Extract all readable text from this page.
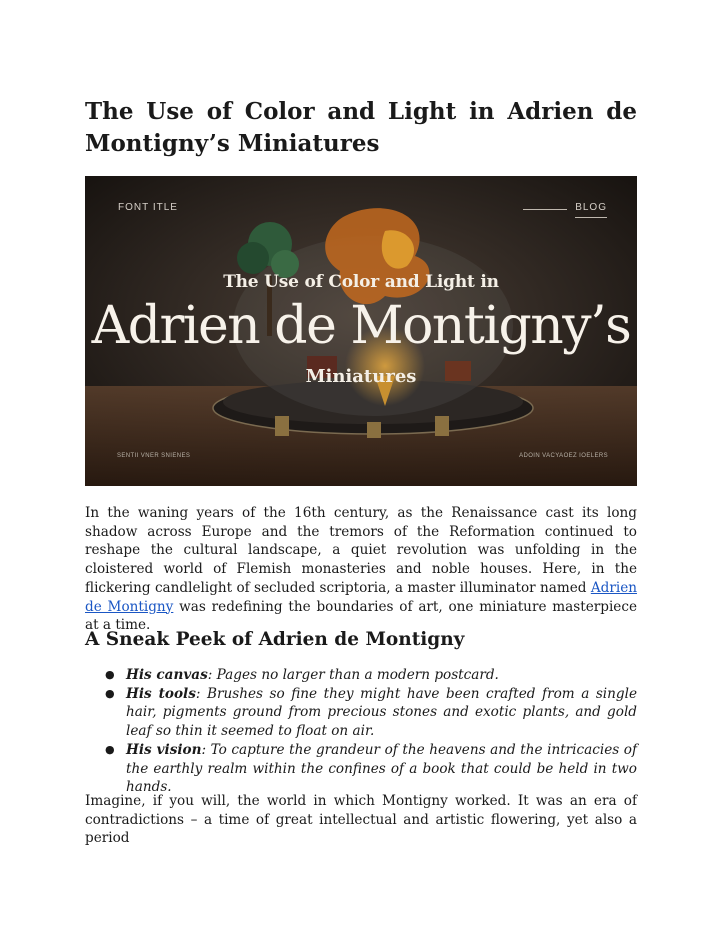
The Use of Color and Light in Adrien de
Montigny’s Miniatures
FONT ITLE	BLOG
The Use of Color and Light in
Adrien de Montigny’s
Miniatures
SENTII VNER SNIENES	ADOIN VACYAOEZ IOELERS

In the waning years of the 16th century, as the Renaissance cast its long shadow across Europe and the tremors of the Reformation continued to reshape the cultural landscape, a quiet revolution was unfolding in the cloistered world of Flemish monasteries and noble houses. Here, in the flickering candlelight of secluded scriptoria, a master illuminator named Adrien de Montigny was redefining the boundaries of art, one miniature masterpiece at a time.

A Sneak Peek of Adrien de Montigny
● His canvas: Pages no larger than a modern postcard.
● His tools: Brushes so fine they might have been crafted from a single hair, pigments ground from precious stones and exotic plants, and gold leaf so thin it seemed to float on air.
● His vision: To capture the grandeur of the heavens and the intricacies of the earthly realm within the confines of a book that could be held in two hands.

Imagine, if you will, the world in which Montigny worked. It was an era of contradictions – a time of great intellectual and artistic flowering, yet also a period
